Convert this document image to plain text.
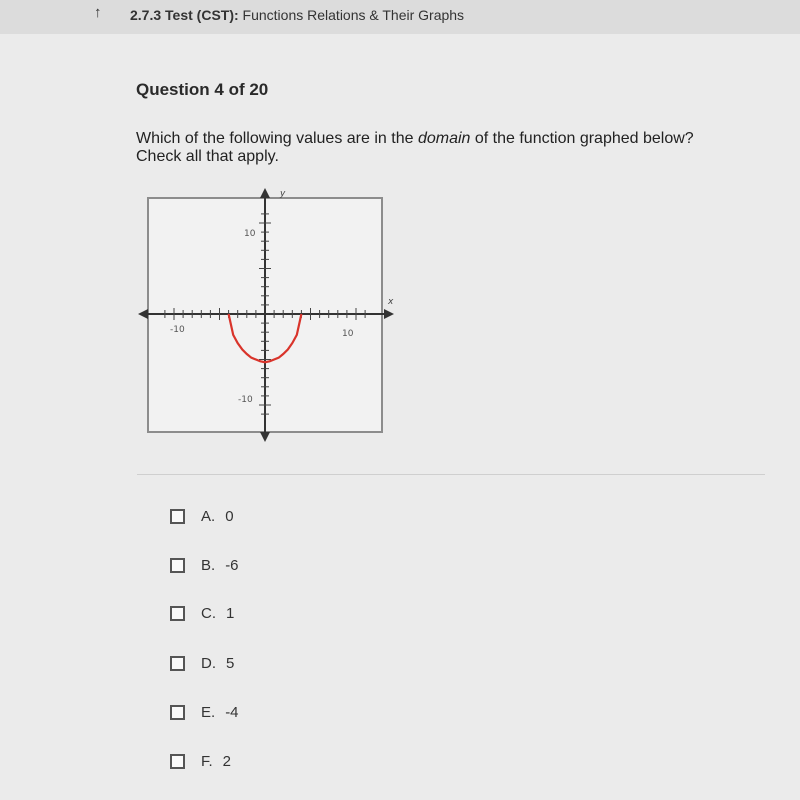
↑ 2.7.3 Test (CST): Functions Relations & Their Graphs
Question 4 of 20
Which of the following values are in the domain of the function graphed below? Check all that apply.
x
y
-10	10
10
-10
A. 0
B. -6
C. 1
D. 5
E. -4
F. 2
